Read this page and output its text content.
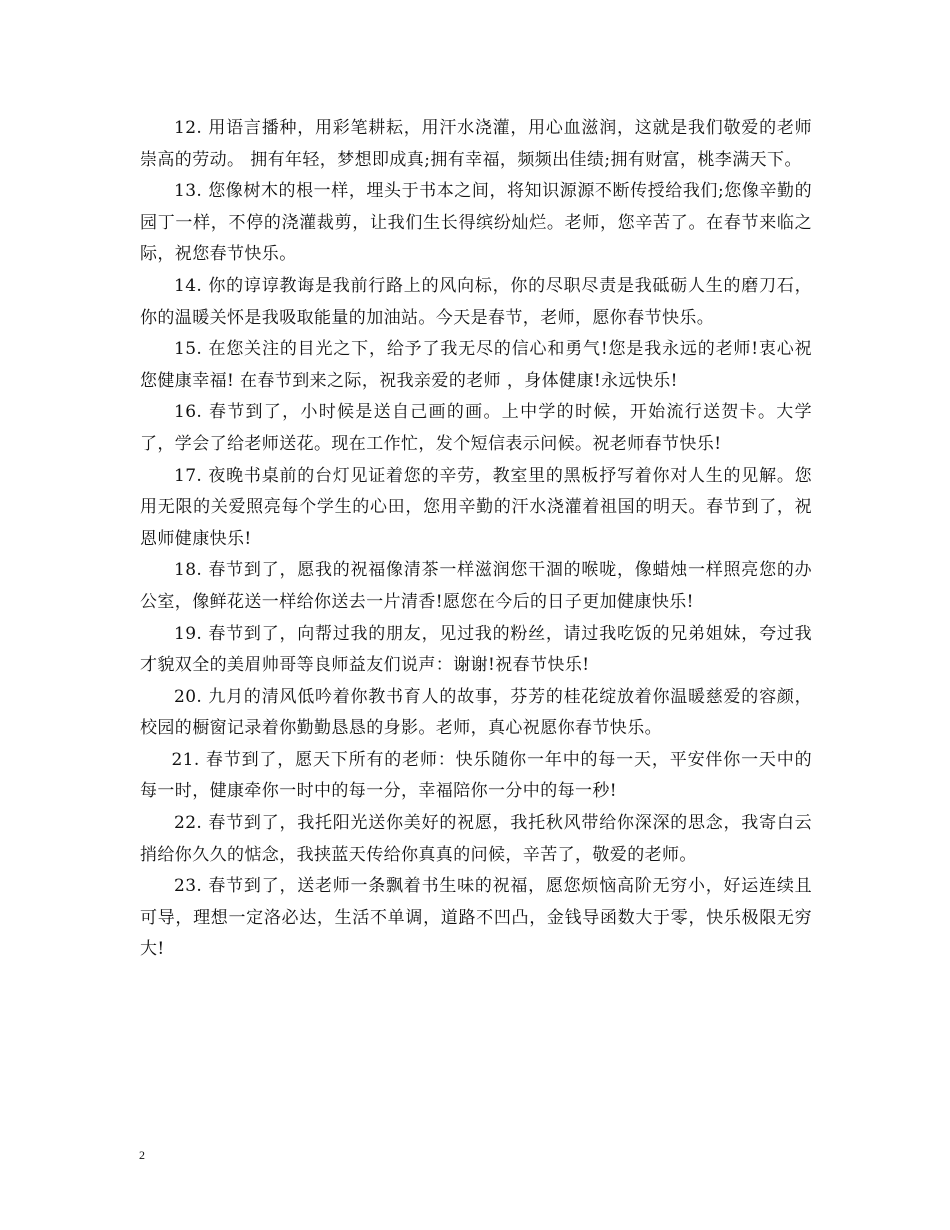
12. 用语言播种，用彩笔耕耘，用汗水浇灌，用心血滋润，这就是我们敬爱的老师崇高的劳动。 拥有年轻，梦想即成真;拥有幸福，频频出佳绩;拥有财富，桃李满天下。

13. 您像树木的根一样，埋头于书本之间，将知识源源不断传授给我们;您像辛勤的园丁一样，不停的浇灌裁剪，让我们生长得缤纷灿烂。老师，您辛苦了。在春节来临之际，祝您春节快乐。

14. 你的谆谆教诲是我前行路上的风向标，你的尽职尽责是我砥砺人生的磨刀石，你的温暖关怀是我吸取能量的加油站。今天是春节，老师，愿你春节快乐。

15. 在您关注的目光之下，给予了我无尽的信心和勇气!您是我永远的老师!衷心祝您健康幸福! 在春节到来之际，祝我亲爱的老师 ，身体健康!永远快乐!

16. 春节到了，小时候是送自己画的画。上中学的时候，开始流行送贺卡。大学了，学会了给老师送花。现在工作忙，发个短信表示问候。祝老师春节快乐!

17. 夜晚书桌前的台灯见证着您的辛劳，教室里的黑板抒写着你对人生的见解。您用无限的关爱照亮每个学生的心田，您用辛勤的汗水浇灌着祖国的明天。春节到了，祝恩师健康快乐!

18. 春节到了，愿我的祝福像清茶一样滋润您干涸的喉咙，像蜡烛一样照亮您的办公室，像鲜花送一样给你送去一片清香!愿您在今后的日子更加健康快乐!

19. 春节到了，向帮过我的朋友，见过我的粉丝，请过我吃饭的兄弟姐妹，夸过我才貌双全的美眉帅哥等良师益友们说声：谢谢!祝春节快乐!

20. 九月的清风低吟着你教书育人的故事，芬芳的桂花绽放着你温暖慈爱的容颜， 校园的橱窗记录着你勤勤恳恳的身影。老师，真心祝愿你春节快乐。

21. 春节到了，愿天下所有的老师：快乐随你一年中的每一天，平安伴你一天中的每一时，健康牵你一时中的每一分，幸福陪你一分中的每一秒!

22. 春节到了，我托阳光送你美好的祝愿，我托秋风带给你深深的思念，我寄白云捎给你久久的惦念，我挟蓝天传给你真真的问候，辛苦了，敬爱的老师。

23. 春节到了，送老师一条飘着书生味的祝福，愿您烦恼高阶无穷小，好运连续且可导，理想一定洛必达，生活不单调，道路不凹凸，金钱导函数大于零，快乐极限无穷大!

2
